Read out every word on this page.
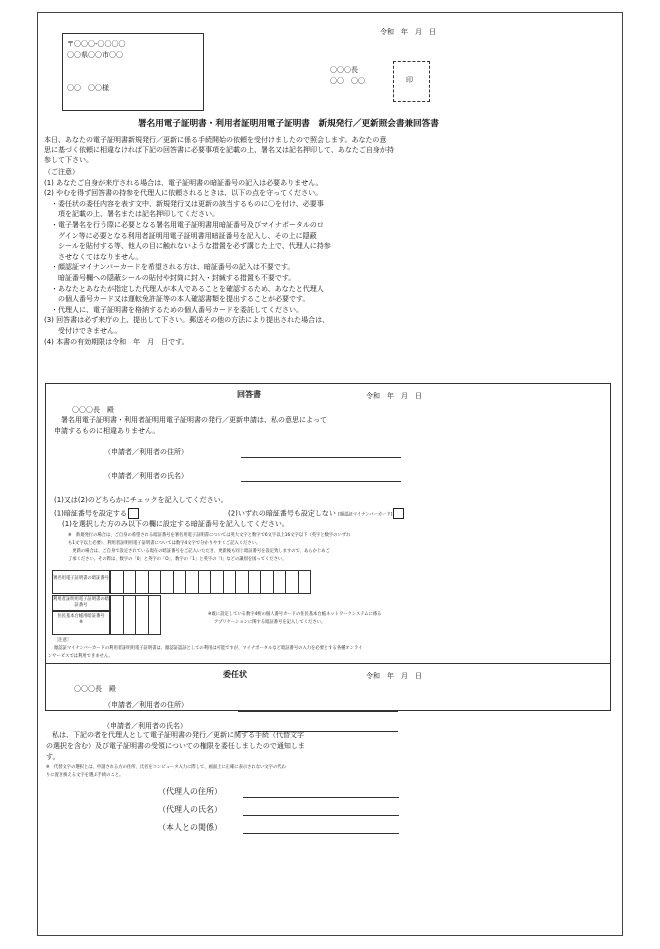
令和　年　月　日
〒〇〇〇-〇〇〇〇
〇〇県〇〇市〇〇
〇〇　〇〇様
〇〇〇長
〇〇　〇〇	印
署名用電子証明書・利用者証明用電子証明書　新規発行／更新照会書兼回答書
本日、あなたの電子証明書新規発行／更新に係る手続開始の依頼を受付けましたので照会します。あなたの意
思に基づく依頼に相違なければ下記の回答書に必要事項を記載の上、署名又は記名押印して、あなたご自身が持
参して下さい。
（ご注意）
(1) あなたご自身が来庁される場合は、電子証明書の暗証番号の記入は必要ありません。
(2) やむを得ず回答書の持参を代理人に依頼されるときは、以下の点を守ってください。
　・委任状の委任内容を表す文中、新規発行又は更新の該当するものに〇を付け、必要事
　　項を記載の上、署名または記名押印してください。
　・電子署名を行う際に必要となる署名用電子証明書用暗証番号及びマイナポータルのロ
　　グイン等に必要となる利用者証明用電子証明書用暗証番号を記入し、その上に隠蔽
　　シールを貼付する等、他人の目に触れないような措置を必ず講じた上で、代理人に持参
　　させなくてはなりません。
　・顔認証マイナンバーカードを希望される方は、暗証番号の記入は不要です。
　　暗証番号欄への隠蔽シールの貼付や封筒に封入・封緘する措置も不要です。
　・あなたとあなたが指定した代理人が本人であることを確認するため、あなたと代理人
　　の個人番号カード又は運転免許証等の本人確認書類を提出することが必要です。
　・代理人に、電子証明書を格納するための個人番号カードを委託してください。
(3) 回答書は必ず来庁の上、提出して下さい。郵送その他の方法により提出された場合は、
　　受付けできません。
(4) 本書の有効期限は令和　年　月　日です。
回答書	令和　年　月　日
〇〇〇長　殿
　署名用電子証明書・利用者証明用電子証明書の発行／更新申請は、私の意思によって
申請するものに相違ありません。
（申請者／利用者の住所）
（申請者／利用者の氏名）
(1)又は(2)のどちらかにチェックを記入してください。
(1)暗証番号を設定する	(2)いずれの暗証番号も設定しない [顔認証マイナンバーカード]
(1)を選択した方のみ以下の欄に設定する暗証番号を記入してください。
※　新規発行の場合は、ご自身の希望される暗証番号を署名用電子証明書については英大文字と数字で6文字以上16文字以下（英字と数字のいずれ
も1文字以上必要）、利用者証明用電子証明書については数字4文字で分かりやすくご記入ください。
　更新の場合は、ご自身で設定されている現在の暗証番号をご記入いただき、更新後も同じ暗証番号を設定致しますので、あらかじめご
了承ください。その際は、数字の「0」と英字の「O」、数字の「1」と英字の「I」などの識別を図ってください。
署名用電子証明書の暗証番号
利用者証明用電子証明書の暗証番号
住民基本台帳用暗証番号
※
※既に設定している数字4桁の個人番号カードの住民基本台帳ネットワークシステムに係る
アプリケーションに関する暗証番号を記入してください。
［注意］
顔認証マイナンバーカードの利用者証明用電子証明書は、顔認証認証としての利用は可能ですが、マイナポータルなど暗証番号の入力を必要とする各種オンライ
ンサービスでは利用できません。
委任状	令和　年　月　日
〇〇〇長　殿
（申請者／利用者の住所）
（申請者／利用者の氏名）
私は、下記の者を代理人として電子証明書の発行／更新に関する手続（代替文字
の選択を含む）及び電子証明書の受領についての権限を委任しましたので通知しま
す。
※　代替文字の選択とは、申請される方の住所、氏名をコンピュータ入力に際して、画面上に正確に表示されない文字の代わ
りに置き換える文字を選ぶ手続のこと。
（代理人の住所）
（代理人の氏名）
（本人との関係）
